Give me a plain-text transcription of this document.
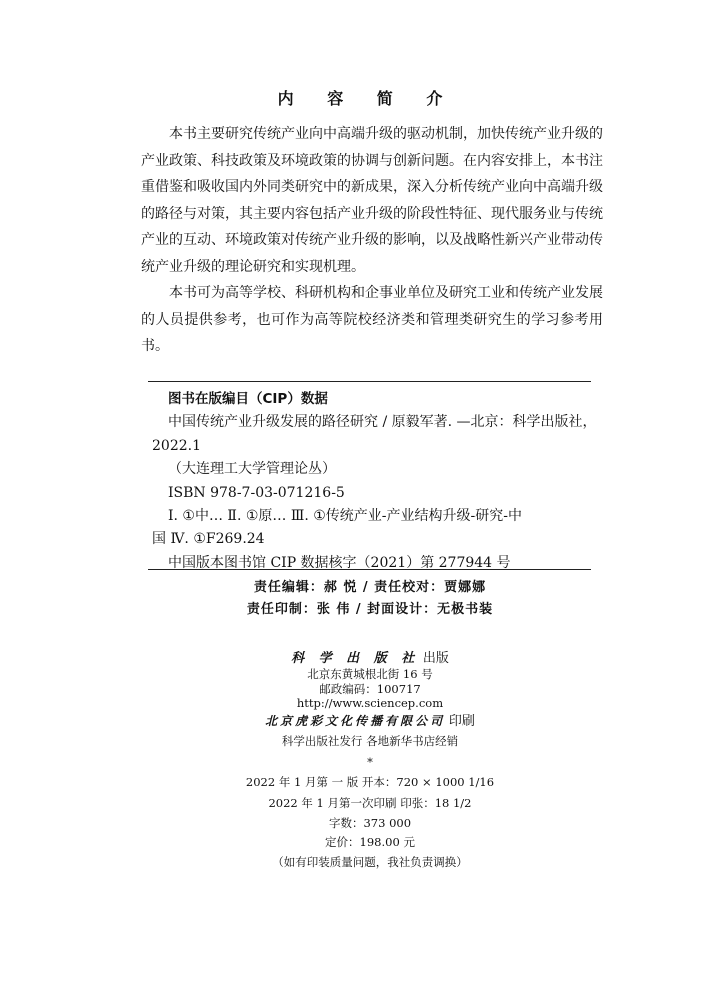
内 容 简 介

本书主要研究传统产业向中高端升级的驱动机制，加快传统产业升级的产业政策、科技政策及环境政策的协调与创新问题。在内容安排上，本书注重借鉴和吸收国内外同类研究中的新成果，深入分析传统产业向中高端升级的路径与对策，其主要内容包括产业升级的阶段性特征、现代服务业与传统产业的互动、环境政策对传统产业升级的影响，以及战略性新兴产业带动传统产业升级的理论研究和实现机理。

本书可为高等学校、科研机构和企事业单位及研究工业和传统产业发展的人员提供参考，也可作为高等院校经济类和管理类研究生的学习参考用书。

图书在版编目（CIP）数据
中国传统产业升级发展的路径研究 / 原毅军著. —北京：科学出版社，
2022.1
（大连理工大学管理论丛）
ISBN 978-7-03-071216-5
Ⅰ. ①中… Ⅱ. ①原… Ⅲ. ①传统产业-产业结构升级-研究-中
国 Ⅳ. ①F269.24
中国版本图书馆 CIP 数据核字（2021）第 277944 号
责任编辑：郝 悦 / 责任校对：贾娜娜
责任印制：张 伟 / 封面设计：无极书装
科 学 出 版 社 出版
北京东黄城根北街 16 号
邮政编码：100717
http://www.sciencep.com
北京虎彩文化传播有限公司 印刷
科学出版社发行 各地新华书店经销
*
2022 年 1 月第 一 版 开本：720 × 1000 1/16
2022 年 1 月第一次印刷 印张：18 1/2
字数：373 000
定价：198.00 元
（如有印装质量问题，我社负责调换）
